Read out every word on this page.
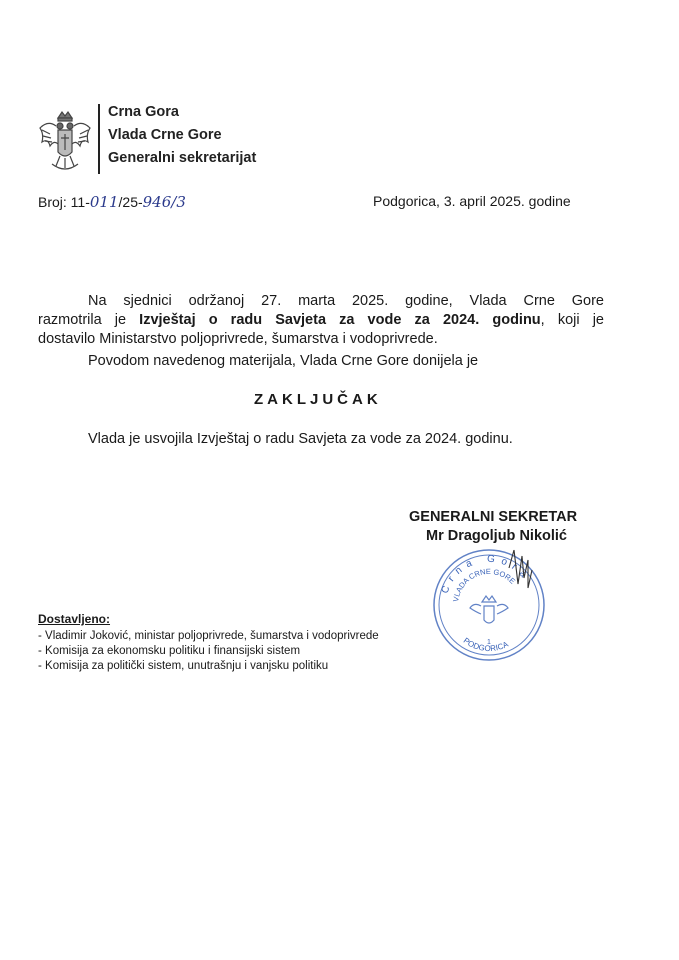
Crna Gora
Vlada Crne Gore
Generalni sekretarijat
Broj: 11-011/25-946/3	Podgorica, 3. april 2025. godine
Na sjednici održanoj 27. marta 2025. godine, Vlada Crne Gore
razmotrila je Izvještaj o radu Savjeta za vode za 2024. godinu, koji je
dostavilo Ministarstvo poljoprivrede, šumarstva i vodoprivrede.
Povodom navedenog materijala, Vlada Crne Gore donijela je
ZAKLJUČAK
Vlada je usvojila Izvještaj o radu Savjeta za vode za 2024. godinu.
GENERALNI SEKRETAR
Mr Dragoljub Nikolić
Crna Gora
VLADA CRNE GORE
PODGORICA
1
Dostavljeno:
- Vladimir Joković, ministar poljoprivrede, šumarstva i vodoprivrede
- Komisija za ekonomsku politiku i finansijski sistem
- Komisija za politički sistem, unutrašnju i vanjsku politiku
